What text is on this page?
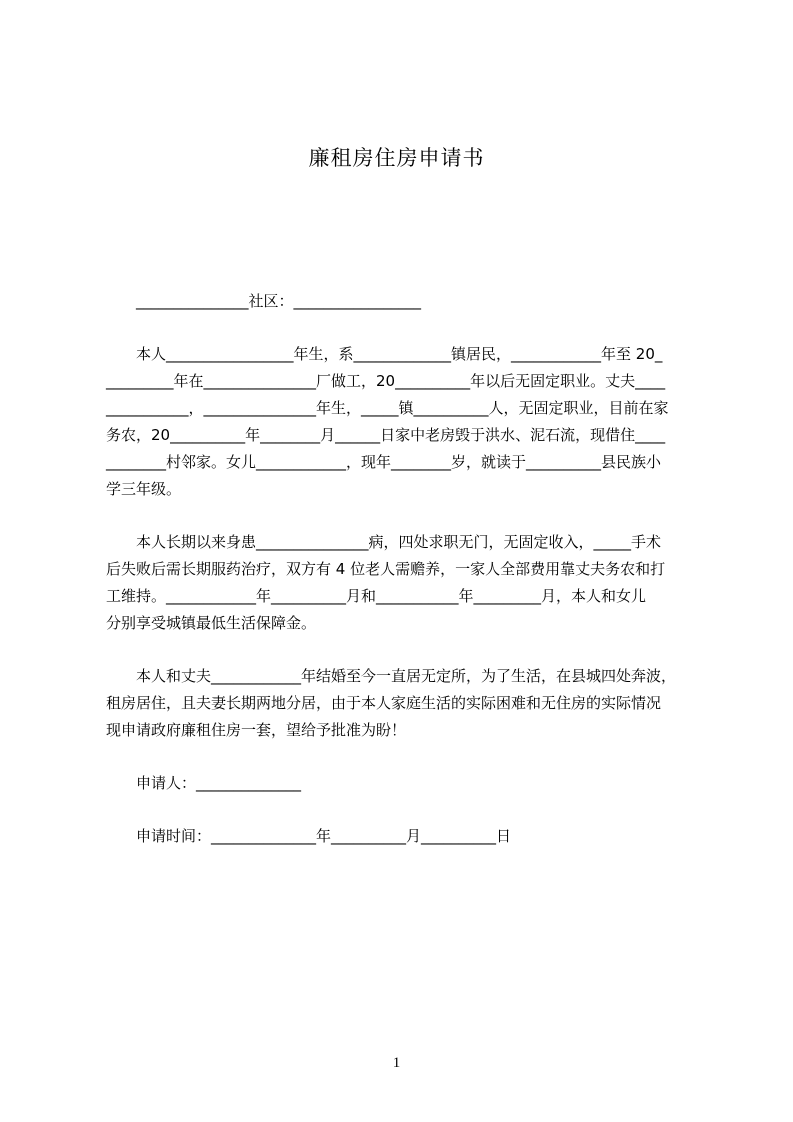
廉租房住房申请书
_______________社区：_________________
　　本人_________________年生，系_____________镇居民，____________年至 20_
_________年在_______________厂做工，20__________年以后无固定职业。丈夫____
___________，_______________年生，_____镇__________人，无固定职业，目前在家
务农，20__________年________月______日家中老房毁于洪水、泥石流，现借住____
________村邻家。女儿____________，现年________岁，就读于__________县民族小
学三年级。
　　本人长期以来身患_______________病，四处求职无门，无固定收入，_____手术
后失败后需长期服药治疗，双方有 4 位老人需赡养，一家人全部费用靠丈夫务农和打
工维持。____________年__________月和___________年_________月，本人和女儿
分别享受城镇最低生活保障金。
　　本人和丈夫____________年结婚至今一直居无定所，为了生活，在县城四处奔波，
租房居住，且夫妻长期两地分居，由于本人家庭生活的实际困难和无住房的实际情况
现申请政府廉租住房一套，望给予批准为盼！
　　申请人：______________
　　申请时间：______________年__________月__________日
1
